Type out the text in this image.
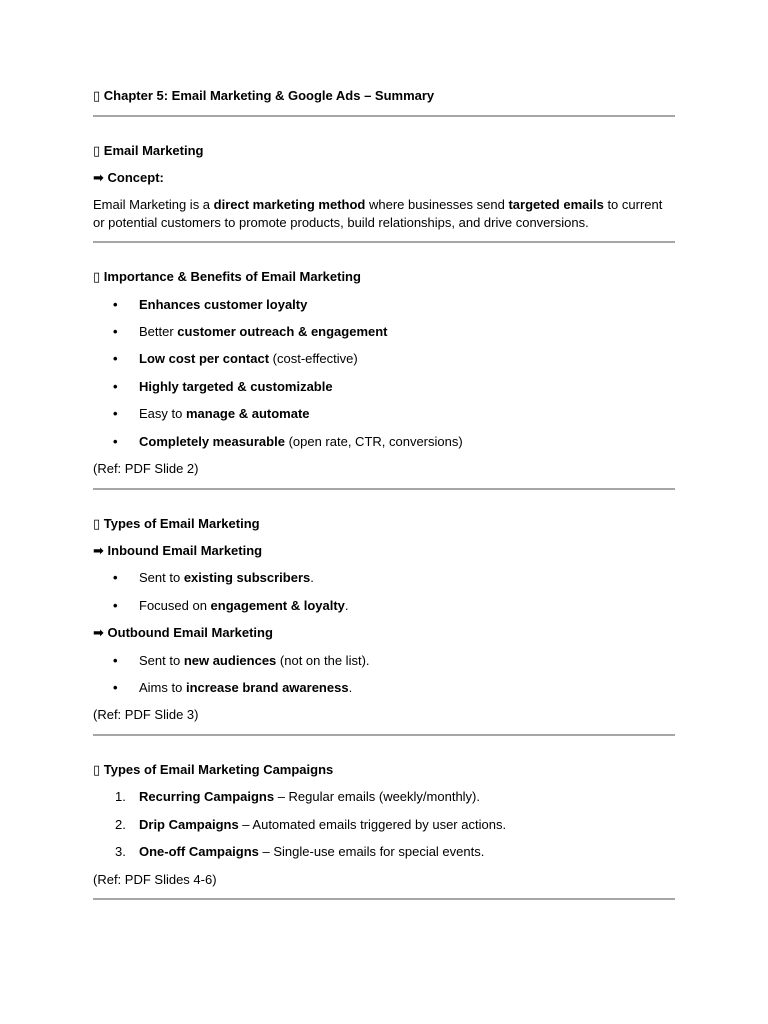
▯ Chapter 5: Email Marketing & Google Ads – Summary
▯ Email Marketing
➡ Concept:
Email Marketing is a direct marketing method where businesses send targeted emails to current or potential customers to promote products, build relationships, and drive conversions.
▯ Importance & Benefits of Email Marketing
Enhances customer loyalty
Better customer outreach & engagement
Low cost per contact (cost-effective)
Highly targeted & customizable
Easy to manage & automate
Completely measurable (open rate, CTR, conversions)
(Ref: PDF Slide 2)
▯ Types of Email Marketing
➡ Inbound Email Marketing
Sent to existing subscribers.
Focused on engagement & loyalty.
➡ Outbound Email Marketing
Sent to new audiences (not on the list).
Aims to increase brand awareness.
(Ref: PDF Slide 3)
▯ Types of Email Marketing Campaigns
1. Recurring Campaigns – Regular emails (weekly/monthly).
2. Drip Campaigns – Automated emails triggered by user actions.
3. One-off Campaigns – Single-use emails for special events.
(Ref: PDF Slides 4-6)
